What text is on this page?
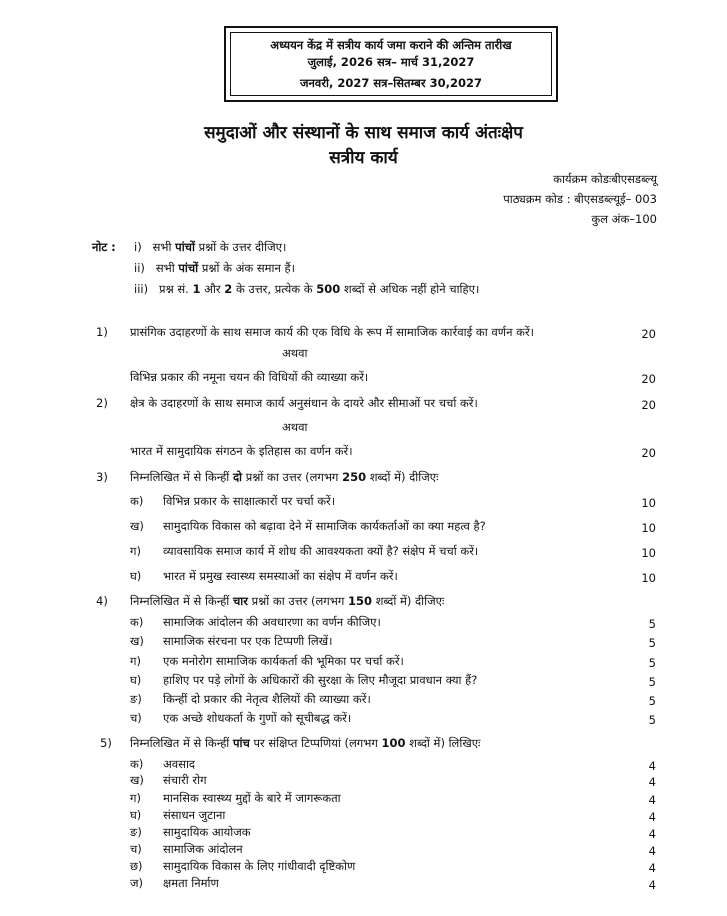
अध्ययन केंद्र में सत्रीय कार्य जमा कराने की अन्तिम तारीख
जुलाई, 2026 सत्र– मार्च 31,2027
जनवरी, 2027 सत्र–सितम्बर 30,2027
समुदाओं और संस्थानों के साथ समाज कार्य अंतःक्षेप
सत्रीय कार्य
कार्यक्रम कोडःबीएसडब्ल्यू
पाठ्यक्रम कोड : बीएसडब्ल्यूई– 003
कुल अंक–100
नोट : i) सभी पांचों प्रश्नों के उत्तर दीजिए।
ii) सभी पांचों प्रश्नों के अंक समान हैं।
iii) प्रश्न सं. 1 और 2 के उत्तर, प्रत्येक के 500 शब्दों से अधिक नहीं होने चाहिए।
1) प्रासंगिक उदाहरणों के साथ समाज कार्य की एक विधि के रूप में सामाजिक कार्रवाई का वर्णन करें।	20
अथवा
विभिन्न प्रकार की नमूना चयन की विधियों की व्याख्या करें।	20
2) क्षेत्र के उदाहरणों के साथ समाज कार्य अनुसंधान के दायरे और सीमाओं पर चर्चा करें।	20
अथवा
भारत में सामुदायिक संगठन के इतिहास का वर्णन करें।	20
3) निम्नलिखित में से किन्हीं दो प्रश्नों का उत्तर (लगभग 250 शब्दों में) दीजिएः
क) विभिन्न प्रकार के साक्षात्कारों पर चर्चा करें।	10
ख) सामुदायिक विकास को बढ़ावा देने में सामाजिक कार्यकर्ताओं का क्या महत्व है?	10
ग) व्यावसायिक समाज कार्य में शोध की आवश्यकता क्यों है? संक्षेप में चर्चा करें।	10
घ) भारत में प्रमुख स्वास्थ्य समस्याओं का संक्षेप में वर्णन करें।	10
4) निम्नलिखित में से किन्हीं चार प्रश्नों का उत्तर (लगभग 150 शब्दों में) दीजिएः
क) सामाजिक आंदोलन की अवधारणा का वर्णन कीजिए।	5
ख) सामाजिक संरचना पर एक टिप्पणी लिखें।	5
ग) एक मनोरोग सामाजिक कार्यकर्ता की भूमिका पर चर्चा करें।	5
घ) हाशिए पर पड़े लोगों के अधिकारों की सुरक्षा के लिए मौजूदा प्रावधान क्या हैं?	5
ङ) किन्हीं दो प्रकार की नेतृत्व शैलियों की व्याख्या करें।	5
च) एक अच्छे शोधकर्ता के गुणों को सूचीबद्ध करें।	5
5) निम्नलिखित में से किन्हीं पांच पर संक्षिप्त टिप्पणियां (लगभग 100 शब्दों में) लिखिएः
क) अवसाद	4
ख) संचारी रोग	4
ग) मानसिक स्वास्थ्य मुद्दों के बारे में जागरूकता	4
घ) संसाधन जुटाना	4
ङ) सामुदायिक आयोजक	4
च) सामाजिक आंदोलन	4
छ) सामुदायिक विकास के लिए गांधीवादी दृष्टिकोण	4
ज) क्षमता निर्माण	4
